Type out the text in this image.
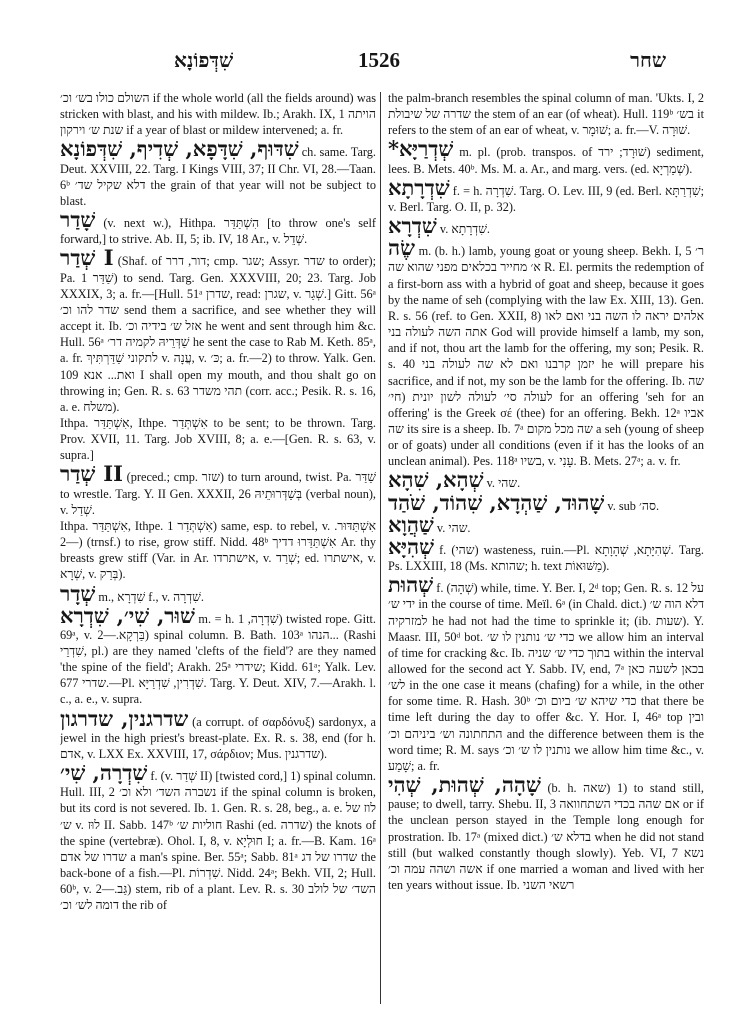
שִׁדְּפוֹנָא	1526	שחר

השולם כולו בש׳ וכ׳ if the whole world (all the fields around) was stricken with blast, and his with mildew. Ib.; Arakh. IX, 1 הויתה שנת ש׳ וירקון if a year of blast or mildew intervened; a. fr.

שִׁדּוּף, שִׁדָּפָא, שְׁדִיף, שִׁדְּפוֹנָא ch. same. Targ. Deut. XXVIII, 22. Targ. I Kings VIII, 37; II Chr. VI, 28.—Taan. 6ᵇ דלא שקיל שד׳ the grain of that year will not be subject to blast.

שָׁדַר (v. next w.), Hithpa. הִשְׁתַּדֵּר [to throw one's self forward,] to strive. Ab. II, 5; ib. IV, 18 Ar., v. שְׁדֵל.

שְׁדַר I (Shaf. of דור, דרר; cmp. שגר; Assyr. שדר to order); Pa. שַׁדַּר 1) to send. Targ. Gen. XXXVIII, 20; 23. Targ. Job XXXIX, 3; a. fr.—[Hull. 51ᵃ שדרן, read: שגרן, v. שְׁגַר.] Gitt. 56ᵃ שדר להו וכ׳ send them a sacrifice, and see whether they will accept it. Ib. אזל ש׳ בידיה וכ׳ he went and sent through him &c. Hull. 56ᵃ שַׁדְּרֵיהּ לקמיה דר׳ he sent the case to Rab M. Keth. 85ᵃ, a. fr. לתקוני שַׁדַּרְתִּיךְ v. עֲנָה, v. כּ׳; a. fr.—2) to throw. Yalk. Gen. 109 ואת... אנא I shall open my mouth, and thou shalt go on throwing in; Gen. R. s. 63 תהי משדר (corr. acc.; Pesik. R. s. 16, a. e. משלח).

Ithpa. אִשְׁתַּדַּר, Ithpe. אִשְׁתְּדַר to be sent; to be thrown. Targ. Prov. XVII, 11. Targ. Job XVIII, 8; a. e.—[Gen. R. s. 63, v. supra.]

שְׁדַר II (preced.; cmp. שזר) to turn around, twist. Pa. שַׁדַּר to wrestle. Targ. Y. II Gen. XXXII, 26 בְּשַׁדְּרוּתֵיהּ (verbal noun), v. שְׁדַל.

Ithpa. אִשְׁתַּדַּר, Ithpe. אִשְׁתְּדַר 1) same, esp. to rebel, v. אִשְׁתַּדּוּר.—2) (trnsf.) to rise, grow stiff. Nidd. 48ᵇ אִשְׁתַּדַּרוּ דדיך Ar. thy breasts grew stiff (Var. in Ar. אישתרדו, v. שְׁרַד; ed. אישתרו, v. שְׁרָא, v. בְּרַק).

שְׁדָר m., שִׁדְרָא f., v. שִׁדְרָה.

שׁוּר, שִׁי׳, שִׁדְרָא m. = h. שִׁדְרָה, 1) twisted rope. Gitt. 69ᵃ, v. בַּרְקָא.—2) spinal column. B. Bath. 103ᵃ הנהו... (Rashi שִׁדְרֵי, pl.) are they named 'clefts of the field'? are they named 'the spine of the field'; Arakh. 25ᵃ שידרי; Kidd. 61ᵃ; Yalk. Lev. 677 שדרי.—Pl. שִׁדְרִין, שִׁדְרַיָּא. Targ. Y. Deut. XIV, 7.—Arakh. l. c., a. e., v. supra.

שדרגנין, שדרגון (a corrupt. of σαρδόνυξ) sardonyx, a jewel in the high priest's breast-plate. Ex. R. s. 38, end (for h. אדם, v. LXX Ex. XXVIII, 17, σάρδιον; Mus. שדרגנין).

שִׁדְרָה, שִׁי׳ f. (v. שְׁדַר II) [twisted cord,] 1) spinal column. Hull. III, 2 נשברה השד׳ ולא וכ׳ if the spinal column is broken, but its cord is not severed. Ib. 1. Gen. R. s. 28, beg., a. e. לוז של ש׳ v. לוּז II. Sabb. 147ᵇ חוליות ש׳ Rashi (ed. שדרה) the knots of the spine (vertebræ). Ohol. I, 8, v. חוּלְיָא I; a. fr.—B. Kam. 16ᵃ שדרו של אדם a man's spine. Ber. 55ᵃ; Sabb. 81ᵃ שדרו של דג the back-bone of a fish.—Pl. שִׁדְרוֹת. Nidd. 24ᵃ; Bekh. VII, 2; Hull. 60ᵇ, v. גַּב.—2) stem, rib of a plant. Lev. R. s. 30 השד׳ של לולב דומה לש׳ וכ׳ the rib of

the palm-branch resembles the spinal column of man. 'Ukts. I, 2 שדרה של שיבולת the stem of an ear (of wheat). Hull. 119ᵇ בש׳ it refers to the stem of an ear of wheat, v. שׁוּמָר; a. fr.—V. שׁוּרָה.

*שְׁדְרַיָּא m. pl. (prob. transpos. of שׁוּרָד; ירד) sediment, lees. B. Mets. 40ᵇ. Ms. M. a. Ar., and marg. vers. (ed. שְׁמַרְיָא).

שִׁדְרָתָא f. = h. שִׁדְרָה. Targ. O. Lev. III, 9 (ed. Berl. שִׁדְרַתָּא; v. Berl. Targ. O. II, p. 32).

שִׁדְרָא v. שִׁדְרָתָא.

שֶׂה m. (b. h.) lamb, young goat or young sheep. Bekh. I, 5 ר׳ א׳ מחייר בכלאים מפני שהוא שה R. El. permits the redemption of a first-born ass with a hybrid of goat and sheep, because it goes by the name of seh (complying with the law Ex. XIII, 13). Gen. R. s. 56 (ref. to Gen. XXII, 8) אלהים יראה לו השה בני ואם לאו אתה השה לעולה בני God will provide himself a lamb, my son, and if not, thou art the lamb for the offering, my son; Pesik. R. s. 40 יזמן קרבנו ואם לא שה לעולה בני he will prepare his sacrifice, and if not, my son be the lamb for the offering. Ib. שה לעולה סי׳ לעולה לשון יונית (חי׳ for an offering 'seh for an offering' is the Greek σέ (thee) for an offering. Bekh. 12ᵃ אביו שה its sire is a sheep. Ib. 7ᵃ שה מכל מקום a seh (young of sheep or of goats) under all conditions (even if it has the looks of an unclean animal). Pes. 118ᵃ בשיו, v. עָנִי. B. Mets. 27ᵃ; a. v. fr.

שְׁהָא, שִׁהָא v. שהי.

שָׁהוּד, שַׁהְדָא, שִׁהוֹד, שֹׁהַד v. sub סה׳.

שַׁהֲוָא v. שהי.

שְׁהִיָּא f. (שהי) wasteness, ruin.—Pl. שְׁהִיָּתָא, שְׁהָוָתָא. Targ. Ps. LXXIII, 18 (Ms. שהותא; h. text מַשּׁוּאוֹת).

שְׁהוּת f. (שְׁהָה) while, time. Y. Ber. I, 2ᵈ top; Gen. R. s. 12 על ידי ש׳ in the course of time. Meïl. 6ᵃ (in Chald. dict.) דלא הוה ש׳ למזרקיה he had not had the time to sprinkle it; (ib. שעות). Y. Maasr. III, 50ᵈ bot. כדי ש׳ נותנין לו ש׳ we allow him an interval of time for cracking &c. Ib. בתוך כדי ש׳ שניה within the interval allowed for the second act Y. Sabb. IV, end, 7ᵃ בכאן לשעה כאן לש׳ in the one case it means (chafing) for a while, in the other for some time. R. Hash. 30ᵇ כדי שיהא ש׳ ביום וכ׳ that there be time left during the day to offer &c. Y. Hor. I, 46ᵃ top ובין התחתונה וש׳ ביניהם וכ׳ and the difference between them is the word time; R. M. says נותנין לו ש׳ וכ׳ we allow him time &c., v. שָׁמַע; a. fr.

שָׁהָה, שְׁהוּת, שְׁהִי (b. h. שאה) 1) to stand still, pause; to dwell, tarry. Shebu. II, 3 אם שהה בכדי השתחוואה or if the unclean person stayed in the Temple long enough for prostration. Ib. 17ᵃ (mixed dict.) בדלא ש׳ when he did not stand still (but walked constantly though slowly). Yeb. VI, 7 נשא אשה ושהה עמה וכ׳ if one married a woman and lived with her ten years without issue. Ib. רשאי השני
